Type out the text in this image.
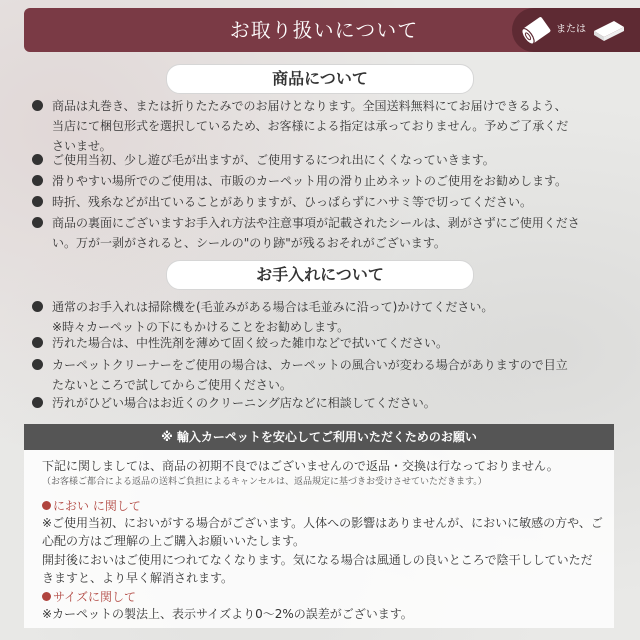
お取り扱いについて	または
商品について
商品は丸巻き、または折りたたみでのお届けとなります。全国送料無料にてお届けできるよう、
当店にて梱包形式を選択しているため、お客様による指定は承っておりません。予めご了承くだ
さいませ。
ご使用当初、少し遊び毛が出ますが、ご使用するにつれ出にくくなっていきます。
滑りやすい場所でのご使用は、市販のカーペット用の滑り止めネットのご使用をお勧めします。
時折、残糸などが出ていることがありますが、ひっぱらずにハサミ等で切ってください。
商品の裏面にございますお手入れ方法や注意事項が記載されたシールは、剥がさずにご使用くださ
い。万が一剥がされると、シールの"のり跡"が残るおそれがございます。
お手入れについて
通常のお手入れは掃除機を(毛並みがある場合は毛並みに沿って)かけてください。
※時々カーペットの下にもかけることをお勧めします。
汚れた場合は、中性洗剤を薄めて固く絞った雑巾などで拭いてください。
カーペットクリーナーをご使用の場合は、カーペットの風合いが変わる場合がありますので目立
たないところで試してからご使用ください。
汚れがひどい場合はお近くのクリーニング店などに相談してください。
※ 輸入カーペットを安心してご利用いただくためのお願い
下記に関しましては、商品の初期不良ではございませんので返品・交換は行なっておりません。
（お客様ご都合による返品の送料ご負担によるキャンセルは、返品規定に基づきお受けさせていただきます。）
におい に関して
※ご使用当初、においがする場合がございます。人体への影響はありませんが、においに敏感の方や、ご
心配の方はご理解の上ご購入お願いいたします。
開封後においはご使用につれてなくなります。気になる場合は風通しの良いところで陰干ししていただ
きますと、より早く解消されます。
サイズに関して
※カーペットの製法上、表示サイズより0〜2%の誤差がございます。
